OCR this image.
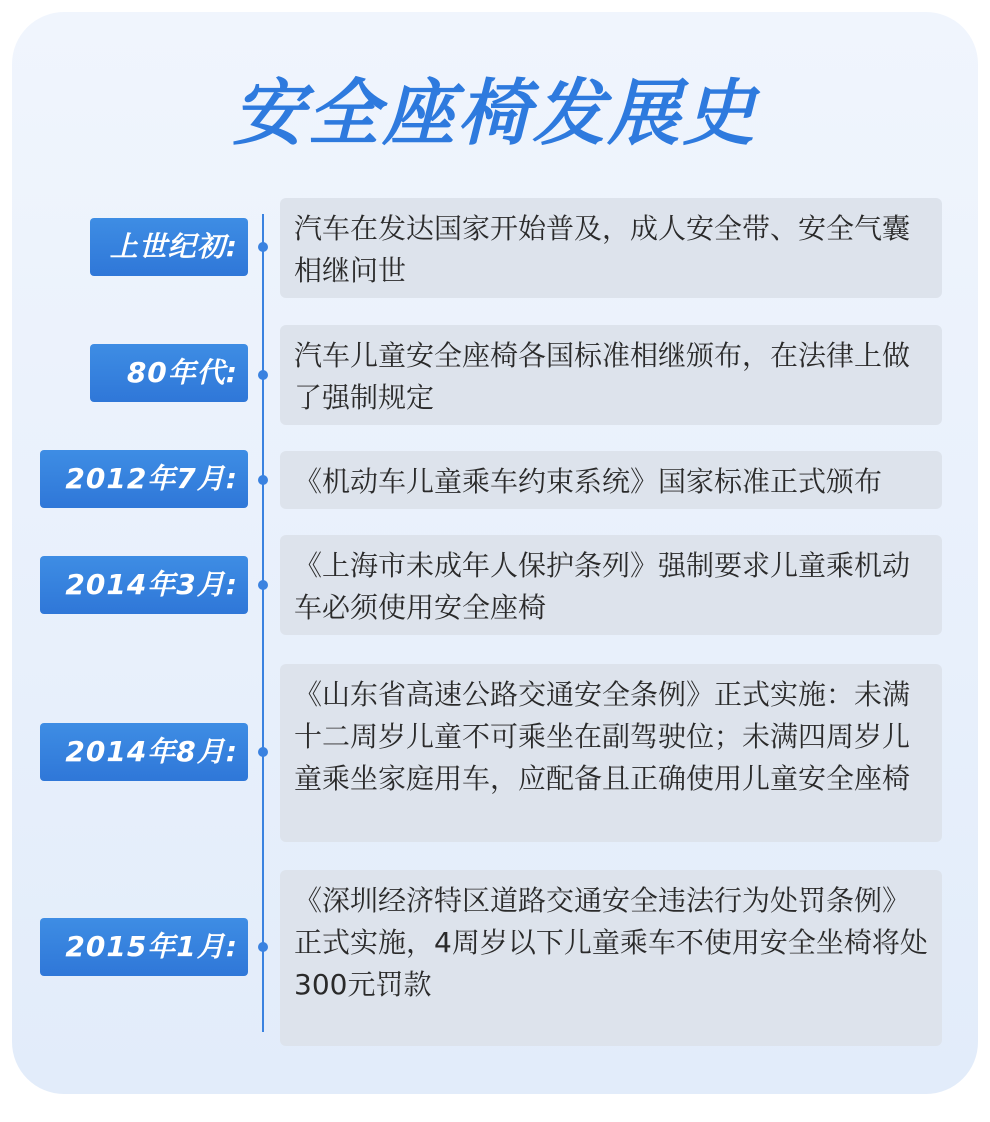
安全座椅发展史
上世纪初:
汽车在发达国家开始普及，成人安全带、安全气囊相继问世
80年代:
汽车儿童安全座椅各国标准相继颁布，在法律上做了强制规定
2012年7月:	《机动车儿童乘车约束系统》国家标准正式颁布
2014年3月:
《上海市未成年人保护条列》强制要求儿童乘机动车必须使用安全座椅
2014年8月:
《山东省高速公路交通安全条例》正式实施：未满十二周岁儿童不可乘坐在副驾驶位；未满四周岁儿童乘坐家庭用车，应配备且正确使用儿童安全座椅
2015年1月:
《深圳经济特区道路交通安全违法行为处罚条例》正式实施，4周岁以下儿童乘车不使用安全坐椅将处300元罚款
